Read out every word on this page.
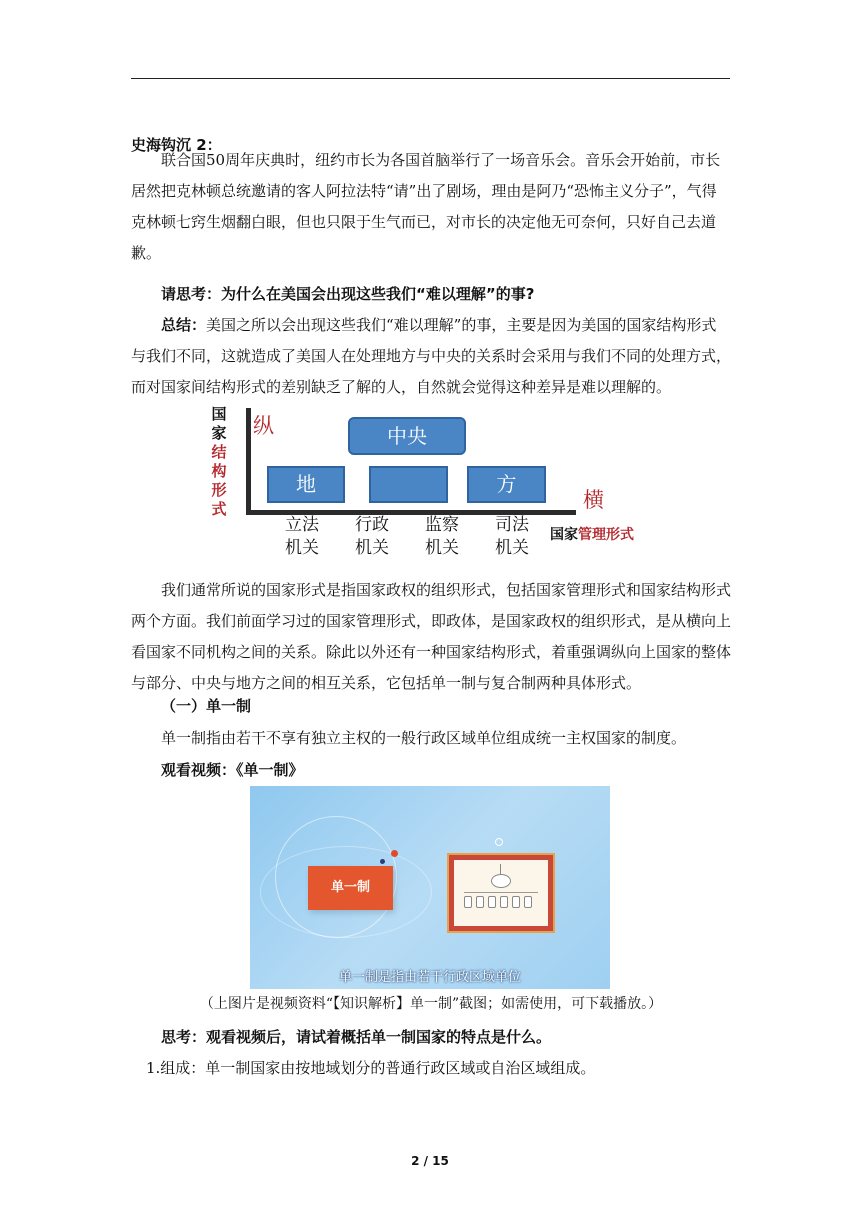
史海钩沉 2：

联合国50周年庆典时，纽约市长为各国首脑举行了一场音乐会。音乐会开始前，市长居然把克林顿总统邀请的客人阿拉法特“请”出了剧场，理由是阿乃“恐怖主义分子”，气得克林顿七窍生烟翻白眼，但也只限于生气而已，对市长的决定他无可奈何，只好自己去道歉。

请思考：为什么在美国会出现这些我们“难以理解”的事?

总结：美国之所以会出现这些我们“难以理解”的事，主要是因为美国的国家结构形式与我们不同，这就造成了美国人在处理地方与中央的关系时会采用与我们不同的处理方式，而对国家间结构形式的差别缺乏了解的人，自然就会觉得这种差异是难以理解的。

国
家
结
构
形
式
纵
横
中央
地	方
立法
机关
行政
机关
监察
机关
司法
机关
国家管理形式

我们通常所说的国家形式是指国家政权的组织形式，包括国家管理形式和国家结构形式两个方面。我们前面学习过的国家管理形式，即政体，是国家政权的组织形式，是从横向上看国家不同机构之间的关系。除此以外还有一种国家结构形式，着重强调纵向上国家的整体与部分、中央与地方之间的相互关系，它包括单一制与复合制两种具体形式。

（一）单一制

单一制指由若干不享有独立主权的一般行政区域单位组成统一主权国家的制度。

观看视频：《单一制》

单一制
单一制是指由若干行政区域单位
（上图片是视频资料“【知识解析】单一制”截图；如需使用，可下载播放。）

思考：观看视频后，请试着概括单一制国家的特点是什么。

1.组成：单一制国家由按地域划分的普通行政区域或自治区域组成。

2 / 15
